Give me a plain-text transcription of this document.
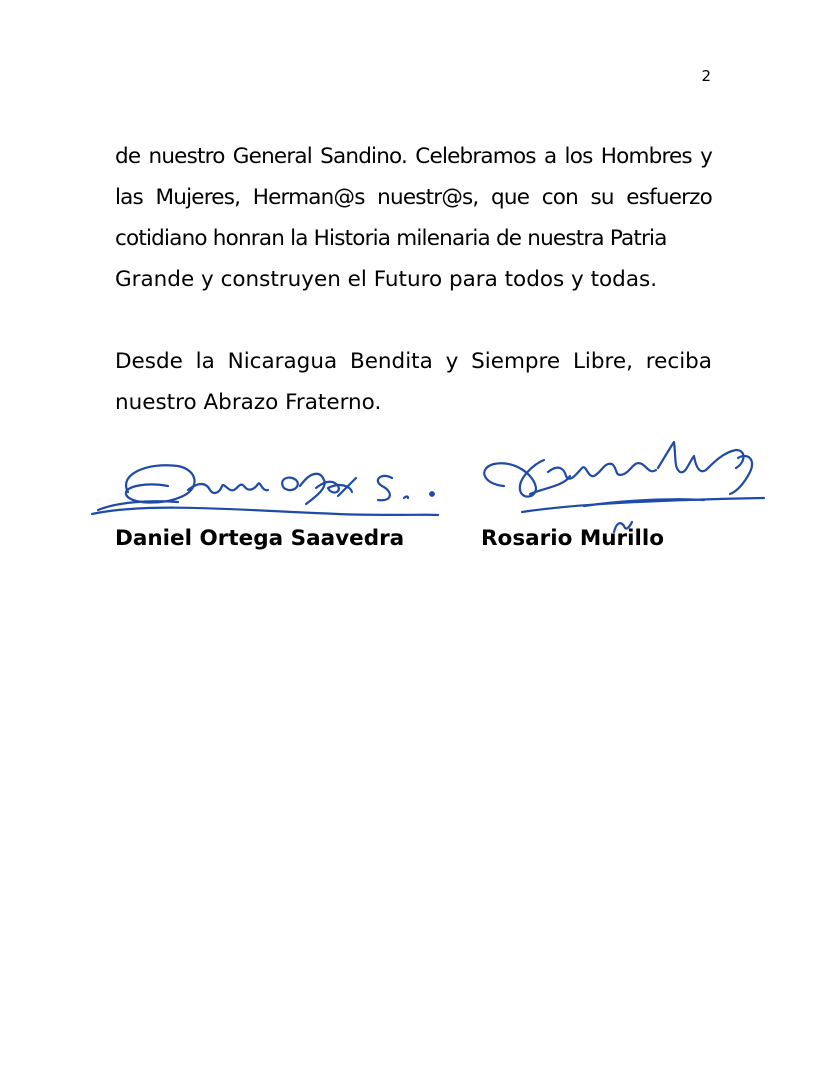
2

de nuestro General Sandino. Celebramos a los Hombres y las Mujeres, Herman@s nuestr@s, que con su esfuerzo cotidiano honran la Historia milenaria de nuestra Patria
Grande y construyen el Futuro para todos y todas.

Desde la Nicaragua Bendita y Siempre Libre, reciba nuestro Abrazo Fraterno.

Daniel Ortega Saavedra	Rosario Murillo
